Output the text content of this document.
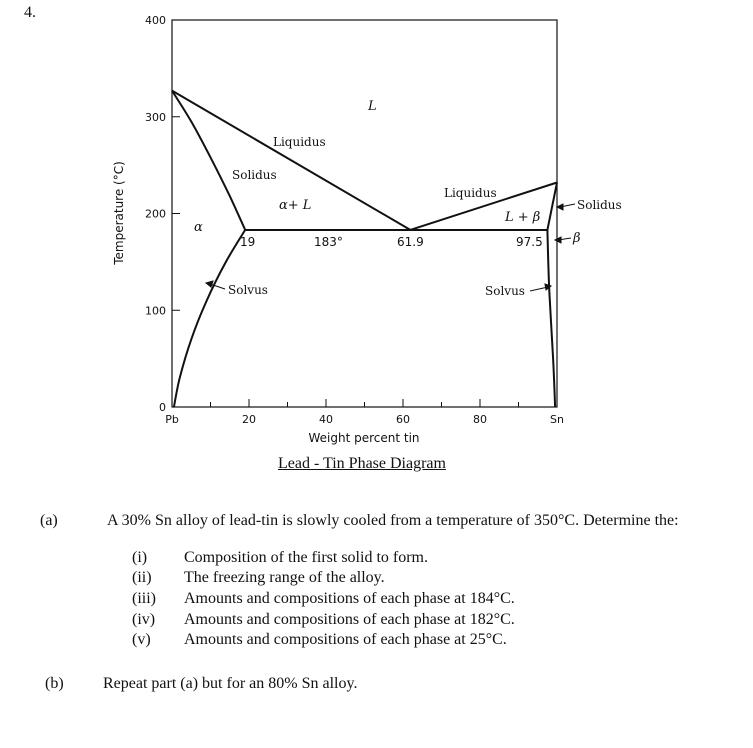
4.
Pb	20	40	60	80	Sn
0
100
200
300
400
Weight percent tin
Temperature (°C)	19	183°	61.9	97.5
L
α
α+ L
L + β
β
Liquidus
Solidus
Liquidus
Solidus
Solvus	Solvus
Lead - Tin Phase Diagram
(a)	A 30% Sn alloy of lead-tin is slowly cooled from a temperature of 350°C. Determine the:
(i)	Composition of the first solid to form.
(ii)	The freezing range of the alloy.
(iii)	Amounts and compositions of each phase at 184°C.
(iv)	Amounts and compositions of each phase at 182°C.
(v)	Amounts and compositions of each phase at 25°C.
(b) Repeat part (a) but for an 80% Sn alloy.
